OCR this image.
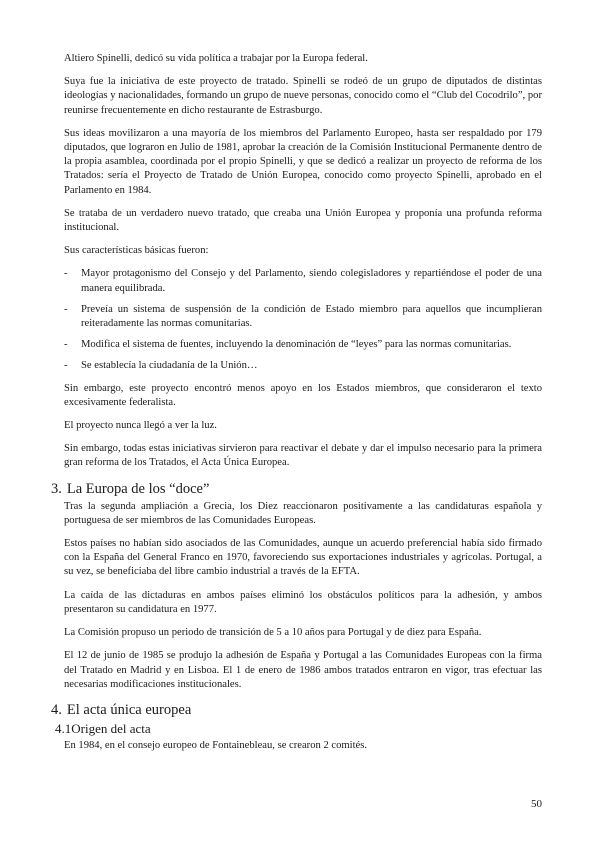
Altiero Spinelli, dedicó su vida política a trabajar por la Europa federal.

Suya fue la iniciativa de este proyecto de tratado. Spinelli se rodeó de un grupo de diputados de distintas ideologías y nacionalidades, formando un grupo de nueve personas, conocido como el “Club del Cocodrilo”, por reunirse frecuentemente en dicho restaurante de Estrasburgo.

Sus ideas movilizaron a una mayoría de los miembros del Parlamento Europeo, hasta ser respaldado por 179 diputados, que lograron en Julio de 1981, aprobar la creación de la Comisión Institucional Permanente dentro de la propia asamblea, coordinada por el propio Spinelli, y que se dedicó a realizar un proyecto de reforma de los Tratados: sería el Proyecto de Tratado de Unión Europea, conocido como proyecto Spinelli, aprobado en el Parlamento en 1984.

Se trataba de un verdadero nuevo tratado, que creaba una Unión Europea y proponía una profunda reforma institucional.

Sus características básicas fueron:

- Mayor protagonismo del Consejo y del Parlamento, siendo colegisladores y repartiéndose el poder de una manera equilibrada.
- Preveía un sistema de suspensión de la condición de Estado miembro para aquellos que incumplieran reiteradamente las normas comunitarias.
- Modifica el sistema de fuentes, incluyendo la denominación de “leyes” para las normas comunitarias.
- Se establecía la ciudadanía de la Unión…

Sin embargo, este proyecto encontró menos apoyo en los Estados miembros, que consideraron el texto excesivamente federalista.

El proyecto nunca llegó a ver la luz.

Sin embargo, todas estas iniciativas sirvieron para reactivar el debate y dar el impulso necesario para la primera gran reforma de los Tratados, el Acta Única Europea.

3. La Europa de los “doce”

Tras la segunda ampliación a Grecia, los Diez reaccionaron positivamente a las candidaturas española y portuguesa de ser miembros de las Comunidades Europeas.

Estos países no habían sido asociados de las Comunidades, aunque un acuerdo preferencial había sido firmado con la España del General Franco en 1970, favoreciendo sus exportaciones industriales y agrícolas. Portugal, a su vez, se beneficiaba del libre cambio industrial a través de la EFTA.

La caída de las dictaduras en ambos países eliminó los obstáculos políticos para la adhesión, y ambos presentaron su candidatura en 1977.

La Comisión propuso un periodo de transición de 5 a 10 años para Portugal y de diez para España.

El 12 de junio de 1985 se produjo la adhesión de España y Portugal a las Comunidades Europeas con la firma del Tratado en Madrid y en Lisboa. El 1 de enero de 1986 ambos tratados entraron en vigor, tras efectuar las necesarias modificaciones institucionales.

4. El acta única europea
4.1Origen del acta

En 1984, en el consejo europeo de Fontainebleau, se crearon 2 comités.

50
